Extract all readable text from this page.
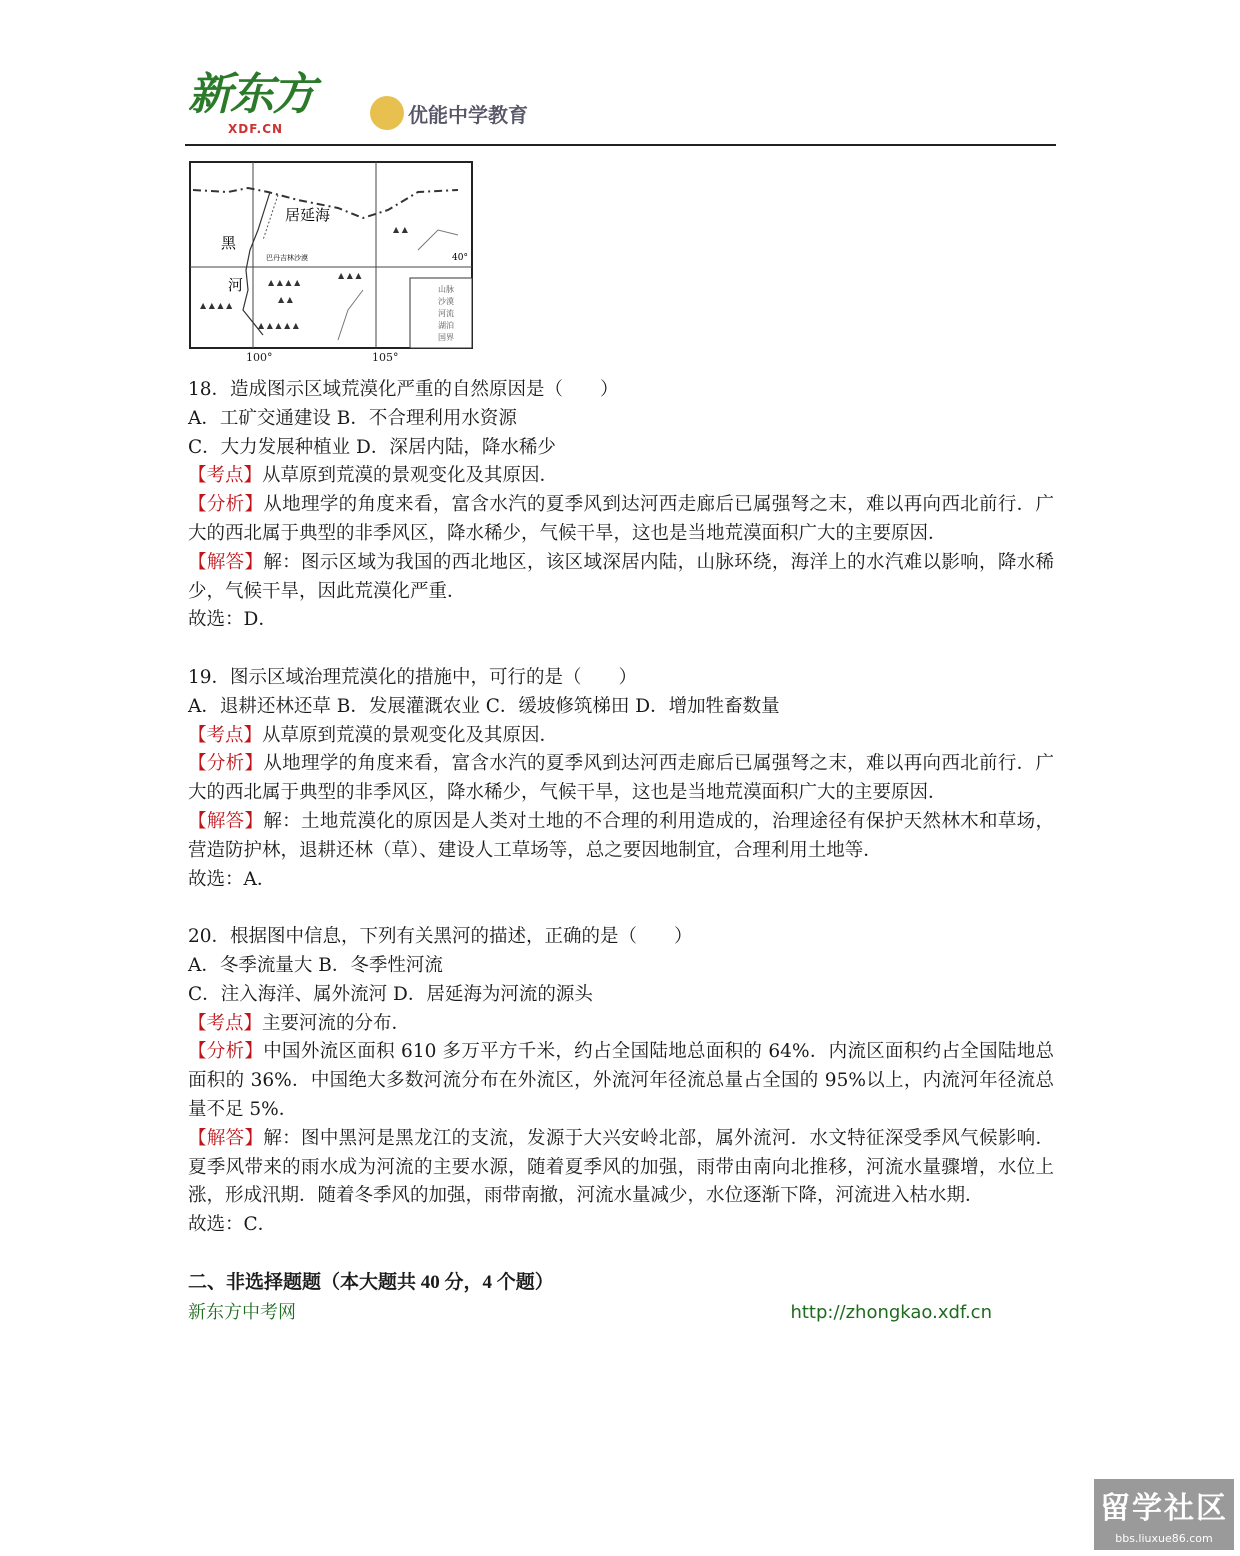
新东方
XDF.CN
优能中学教育
▲ ▲ ▲ ▲
▲ ▲ ▲ ▲
▲ ▲
▲ ▲ ▲
▲ ▲ ▲ ▲ ▲
▲ ▲
居延海
黑
河
巴丹吉林沙漠	40°
山脉
沙漠
河流
湖泊
国界
100°	105°

18．造成图示区域荒漠化严重的自然原因是（　　）

A．工矿交通建设 B．不合理利用水资源

C．大力发展种植业 D．深居内陆，降水稀少

【考点】从草原到荒漠的景观变化及其原因．

【分析】从地理学的角度来看，富含水汽的夏季风到达河西走廊后已属强弩之末，难以再向西北前行．广大的西北属于典型的非季风区，降水稀少，气候干旱，这也是当地荒漠面积广大的主要原因．

【解答】解：图示区域为我国的西北地区，该区域深居内陆，山脉环绕，海洋上的水汽难以影响，降水稀少，气候干旱，因此荒漠化严重．

故选：D．

19．图示区域治理荒漠化的措施中，可行的是（　　）

A．退耕还林还草 B．发展灌溉农业 C．缓坡修筑梯田 D．增加牲畜数量

【考点】从草原到荒漠的景观变化及其原因．

【分析】从地理学的角度来看，富含水汽的夏季风到达河西走廊后已属强弩之末，难以再向西北前行．广大的西北属于典型的非季风区，降水稀少，气候干旱，这也是当地荒漠面积广大的主要原因．

【解答】解：土地荒漠化的原因是人类对土地的不合理的利用造成的，治理途径有保护天然林木和草场，营造防护林，退耕还林（草）、建设人工草场等，总之要因地制宜，合理利用土地等．

故选：A．

20．根据图中信息，下列有关黑河的描述，正确的是（　　）

A．冬季流量大 B．冬季性河流

C．注入海洋、属外流河 D．居延海为河流的源头

【考点】主要河流的分布．

【分析】中国外流区面积 610 多万平方千米，约占全国陆地总面积的 64%．内流区面积约占全国陆地总面积的 36%．中国绝大多数河流分布在外流区，外流河年径流总量占全国的 95%以上，内流河年径流总量不足 5%．

【解答】解：图中黑河是黑龙江的支流，发源于大兴安岭北部，属外流河．水文特征深受季风气候影响．夏季风带来的雨水成为河流的主要水源，随着夏季风的加强，雨带由南向北推移，河流水量骤增，水位上涨，形成汛期．随着冬季风的加强，雨带南撤，河流水量减少，水位逐渐下降，河流进入枯水期．

故选：C．

二、非选择题题（本大题共 40 分，4 个题）

新东方中考网	http://zhongkao.xdf.cn
留学社区
bbs.liuxue86.com
